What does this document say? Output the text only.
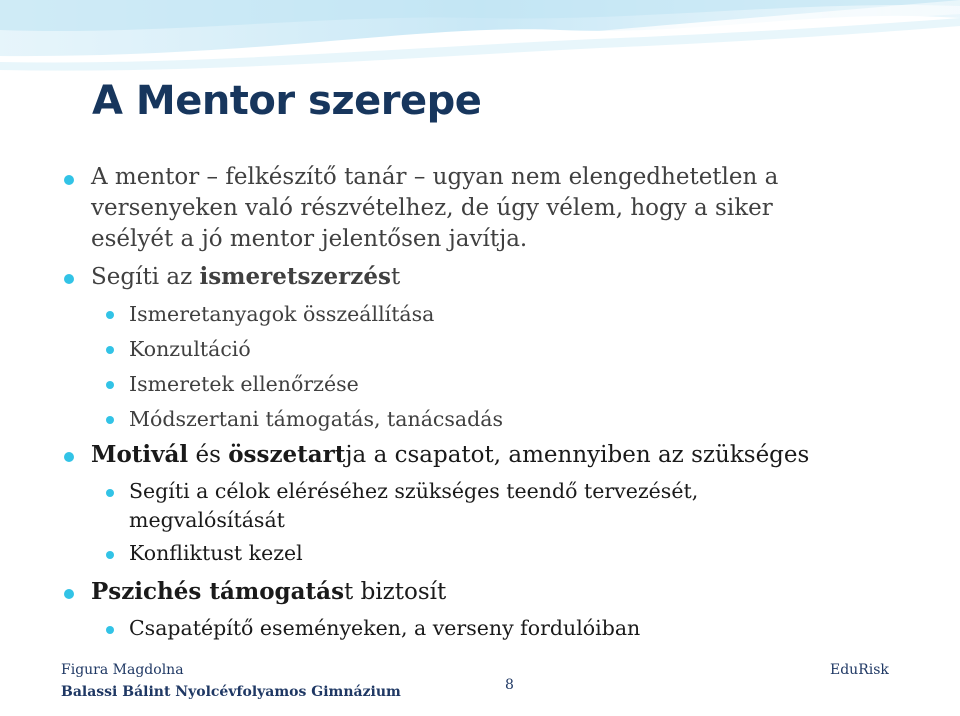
A Mentor szerepe
A mentor – felkészítő tanár – ugyan nem elengedhetetlen a
versenyeken való részvételhez, de úgy vélem, hogy a siker
esélyét a jó mentor jelentősen javítja.
Segíti az ismeretszerzést
Ismeretanyagok összeállítása
Konzultáció
Ismeretek ellenőrzése
Módszertani támogatás, tanácsadás
Motivál és összetartja a csapatot, amennyiben az szükséges
Segíti a célok eléréséhez szükséges teendő tervezését,
megvalósítását
Konfliktust kezel
Pszichés támogatást biztosít
Csapatépítő eseményeken, a verseny fordulóiban
Figura Magdolna
Balassi Bálint Nyolcévfolyamos Gimnázium	8
EduRisk
